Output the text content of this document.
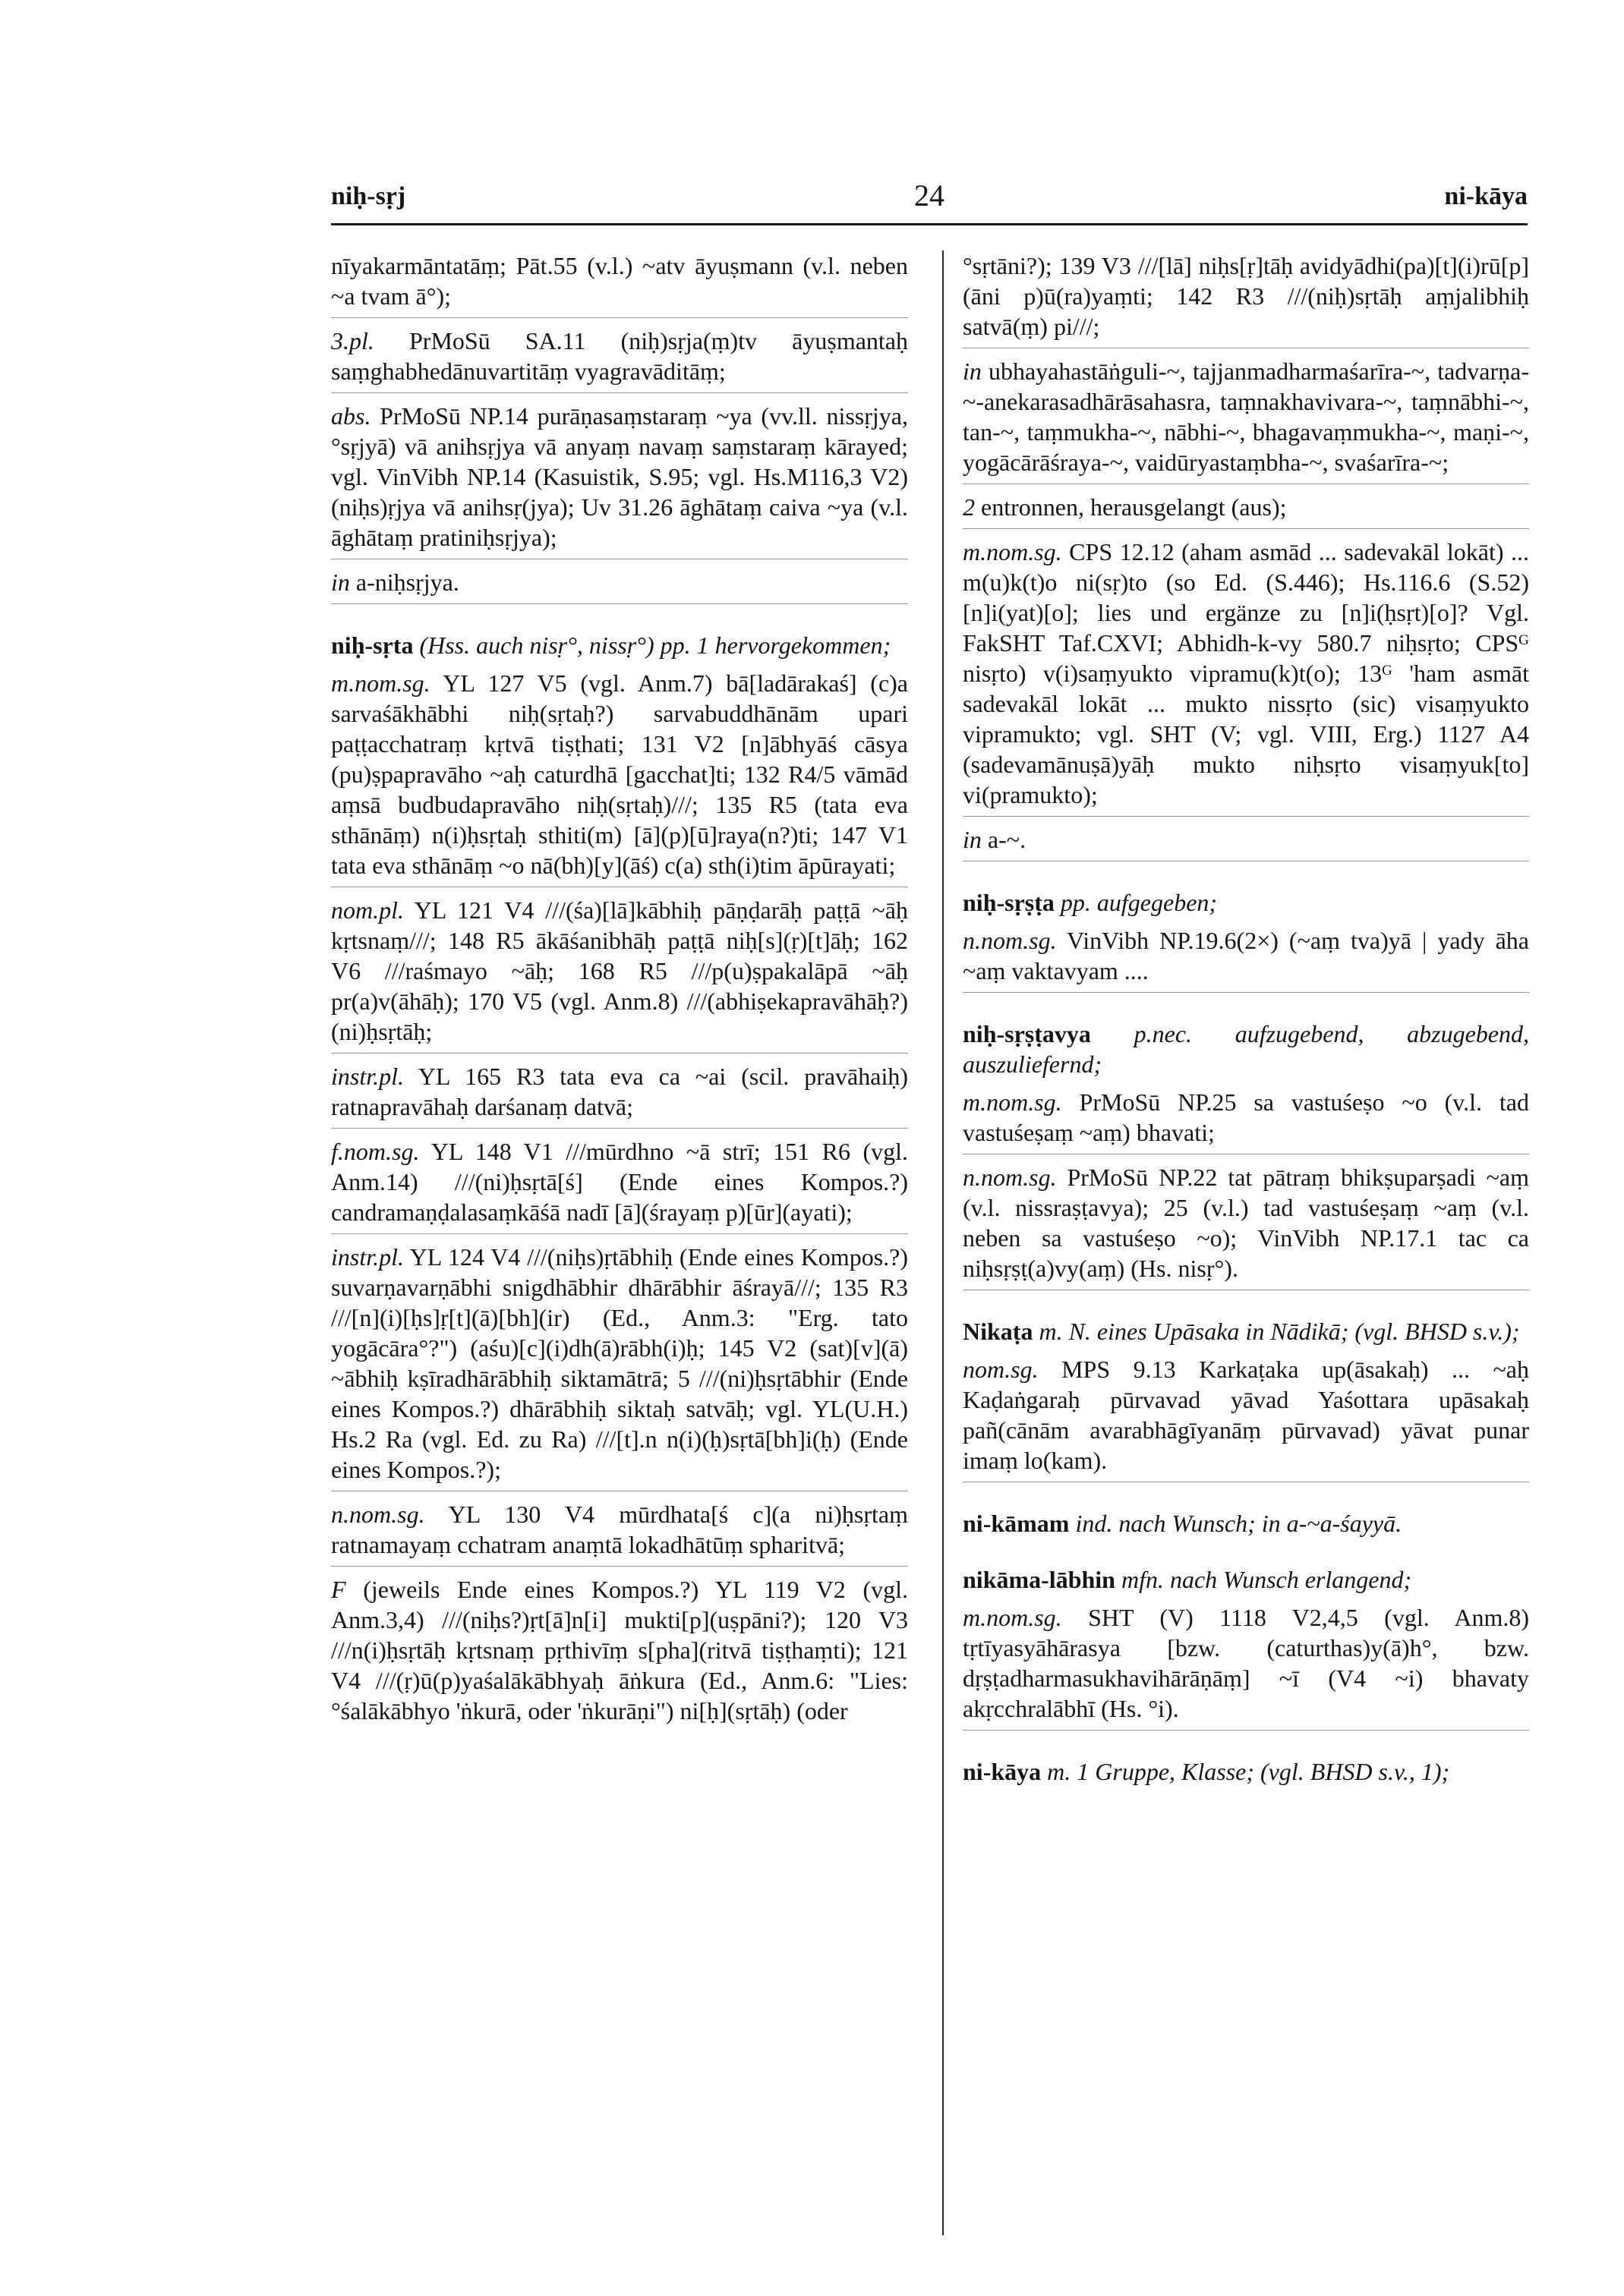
niḥ-sṛj	24	ni-kāya

nīyakarmāntatāṃ; Pāt.55 (v.l.) ~atv āyuṣmann (v.l. neben ~a tvam ā°);

3.pl. PrMoSū SA.11 (niḥ)sṛja(ṃ)tv āyuṣmantaḥ saṃghabhedānuvartitāṃ vyagravāditāṃ;

abs. PrMoSū NP.14 purāṇasaṃstaraṃ ~ya (vv.ll. nissṛjya, °sṛjyā) vā anihsṛjya vā anyaṃ navaṃ saṃstaraṃ kārayed; vgl. VinVibh NP.14 (Kasuistik, S.95; vgl. Hs.M116,3 V2) (niḥs)ṛjya vā anihsṛ(jya); Uv 31.26 āghātaṃ caiva ~ya (v.l. āghātaṃ pratiniḥsṛjya);

in a-niḥsṛjya.

niḥ-sṛta (Hss. auch nisṛ°, nissṛ°) pp. 1 hervorgekommen;

m.nom.sg. YL 127 V5 (vgl. Anm.7) bā[ladārakaś] (c)a sarvaśākhābhi niḥ(sṛtaḥ?) sarvabuddhānām upari paṭṭacchatraṃ kṛtvā tiṣṭhati; 131 V2 [n]ābhyāś cāsya (pu)ṣpapravāho ~aḥ caturdhā [gacchat]ti; 132 R4/5 vāmād aṃsā budbudapravāho niḥ(sṛtaḥ)///; 135 R5 (tata eva sthānāṃ) n(i)ḥsṛtaḥ sthiti(m) [ā](p)[ū]raya(n?)ti; 147 V1 tata eva sthānāṃ ~o nā(bh)[y](āś) c(a) sth(i)tim āpūrayati;

nom.pl. YL 121 V4 ///(śa)[lā]kābhiḥ pāṇḍarāḥ paṭṭā ~āḥ kṛtsnaṃ///; 148 R5 ākāśanibhāḥ paṭṭā niḥ[s](ṛ)[t]āḥ; 162 V6 ///raśmayo ~āḥ; 168 R5 ///p(u)ṣpakalāpā ~āḥ pr(a)v(āhāḥ); 170 V5 (vgl. Anm.8) ///(abhiṣekapravāhāḥ?) (ni)ḥsṛtāḥ;

instr.pl. YL 165 R3 tata eva ca ~ai (scil. pravāhaiḥ) ratnapravāhaḥ darśanaṃ datvā;

f.nom.sg. YL 148 V1 ///mūrdhno ~ā strī; 151 R6 (vgl. Anm.14) ///(ni)ḥsṛtā[ś] (Ende eines Kompos.?) candramaṇḍalasaṃkāśā nadī [ā](śrayaṃ p)[ūr](ayati);

instr.pl. YL 124 V4 ///(niḥs)ṛtābhiḥ (Ende eines Kompos.?) suvarṇavarṇābhi snigdhābhir dhārābhir āśrayā///; 135 R3 ///[n](i)[ḥs]ṛ[t](ā)[bh](ir) (Ed., Anm.3: "Erg. tato yogācāra°?") (aśu)[c](i)dh(ā)rābh(i)ḥ; 145 V2 (sat)[v](ā) ~ābhiḥ kṣīradhārābhiḥ siktamātrā; 5 ///(ni)ḥsṛtābhir (Ende eines Kompos.?) dhārābhiḥ siktaḥ satvāḥ; vgl. YL(U.H.) Hs.2 Ra (vgl. Ed. zu Ra) ///[t].n n(i)(ḥ)sṛtā[bh]i(ḥ) (Ende eines Kompos.?);

n.nom.sg. YL 130 V4 mūrdhata[ś c](a ni)ḥsṛtaṃ ratnamayaṃ cchatram anaṃtā lokadhātūṃ spharitvā;

F (jeweils Ende eines Kompos.?) YL 119 V2 (vgl. Anm.3,4) ///(niḥs?)ṛt[ā]n[i] mukti[p](uṣpāni?); 120 V3 ///n(i)ḥsṛtāḥ kṛtsnaṃ pṛthivīṃ s[pha](ritvā tiṣṭhaṃti); 121 V4 ///(ṛ)ū(p)yaśalākābhyaḥ āṅkura (Ed., Anm.6: "Lies: °śalākābhyo 'ṅkurā, oder 'ṅkurāṇi") ni[ḥ](sṛtāḥ) (oder

°sṛtāni?); 139 V3 ///[lā] niḥs[ṛ]tāḥ avidyādhi(pa)[t](i)rū[p](āni p)ū(ra)yaṃti; 142 R3 ///(niḥ)sṛtāḥ aṃjalibhiḥ satvā(ṃ) pi///;

in ubhayahastāṅguli-~, tajjanmadharmaśarīra-~, tadvarṇa-~-anekarasadhārāsahasra, taṃnakhavivara-~, taṃnābhi-~, tan-~, taṃmukha-~, nābhi-~, bhagavaṃmukha-~, maṇi-~, yogācārāśraya-~, vaidūryastaṃbha-~, svaśarīra-~;

2 entronnen, herausgelangt (aus);

m.nom.sg. CPS 12.12 (aham asmād ... sadevakāl lokāt) ... m(u)k(t)o ni(sṛ)to (so Ed. (S.446); Hs.116.6 (S.52) [n]i(yat)[o]; lies und ergänze zu [n]i(ḥsṛt)[o]? Vgl. FakSHT Taf.CXVI; Abhidh-k-vy 580.7 niḥsṛto; CPSᴳ nisṛto) v(i)saṃyukto vipramu(k)t(o); 13ᴳ 'ham asmāt sadevakāl lokāt ... mukto nissṛto (sic) visaṃyukto vipramukto; vgl. SHT (V; vgl. VIII, Erg.) 1127 A4 (sadevamānuṣā)yāḥ mukto niḥsṛto visaṃyuk[to] vi(pramukto);

in a-~.

niḥ-sṛṣṭa pp. aufgegeben;

n.nom.sg. VinVibh NP.19.6(2×) (~aṃ tva)yā | yady āha ~aṃ vaktavyam ....

niḥ-sṛṣṭavya p.nec. aufzugebend, abzugebend, auszuliefernd;

m.nom.sg. PrMoSū NP.25 sa vastuśeṣo ~o (v.l. tad vastuśeṣaṃ ~aṃ) bhavati;

n.nom.sg. PrMoSū NP.22 tat pātraṃ bhikṣuparṣadi ~aṃ (v.l. nissraṣṭavya); 25 (v.l.) tad vastuśeṣaṃ ~aṃ (v.l. neben sa vastuśeṣo ~o); VinVibh NP.17.1 tac ca niḥsṛṣṭ(a)vy(aṃ) (Hs. nisṛ°).

Nikaṭa m. N. eines Upāsaka in Nādikā; (vgl. BHSD s.v.);

nom.sg. MPS 9.13 Karkaṭaka up(āsakaḥ) ... ~aḥ Kaḍaṅgaraḥ pūrvavad yāvad Yaśottara upāsakaḥ pañ(cānām avarabhāgīyanāṃ pūrvavad) yāvat punar imaṃ lo(kam).

ni-kāmam ind. nach Wunsch; in a-~a-śayyā.

nikāma-lābhin mfn. nach Wunsch erlangend;

m.nom.sg. SHT (V) 1118 V2,4,5 (vgl. Anm.8) tṛtīyasyāhārasya [bzw. (caturthas)y(ā)h°, bzw. dṛṣṭadharmasukhavihārāṇāṃ] ~ī (V4 ~i) bhavaty akṛcchralābhī (Hs. °i).

ni-kāya m. 1 Gruppe, Klasse; (vgl. BHSD s.v., 1);
